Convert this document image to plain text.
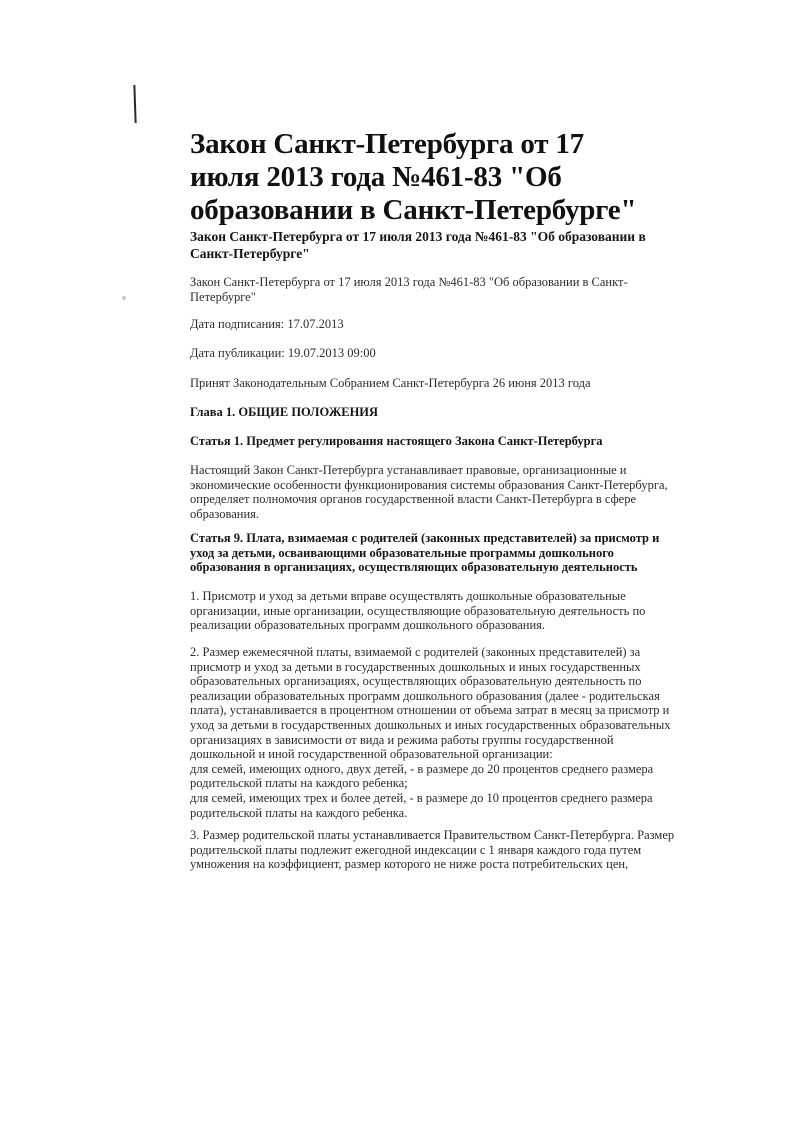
Закон Санкт-Петербурга от 17 июля 2013 года №461-83 "Об образовании в Санкт-Петербурге"
Закон Санкт-Петербурга от 17 июля 2013 года №461-83 "Об образовании в Санкт-Петербурге"
Закон Санкт-Петербурга от 17 июля 2013 года №461-83 "Об образовании в Санкт-
Петербурге"
Дата подписания: 17.07.2013
Дата публикации: 19.07.2013 09:00
Принят Законодательным Собранием Санкт-Петербурга 26 июня 2013 года
Глава 1. ОБЩИЕ ПОЛОЖЕНИЯ
Статья 1. Предмет регулирования настоящего Закона Санкт-Петербурга
Настоящий Закон Санкт-Петербурга устанавливает правовые, организационные и
экономические особенности функционирования системы образования Санкт-Петербурга,
определяет полномочия органов государственной власти Санкт-Петербурга в сфере
образования.
Статья 9. Плата, взимаемая с родителей (законных представителей) за присмотр и
уход за детьми, осваивающими образовательные программы дошкольного
образования в организациях, осуществляющих образовательную деятельность
1. Присмотр и уход за детьми вправе осуществлять дошкольные образовательные
организации, иные организации, осуществляющие образовательную деятельность по
реализации образовательных программ дошкольного образования.
2. Размер ежемесячной платы, взимаемой с родителей (законных представителей) за
присмотр и уход за детьми в государственных дошкольных и иных государственных
образовательных организациях, осуществляющих образовательную деятельность по
реализации образовательных программ дошкольного образования (далее - родительская
плата), устанавливается в процентном отношении от объема затрат в месяц за присмотр и
уход за детьми в государственных дошкольных и иных государственных образовательных
организациях в зависимости от вида и режима работы группы государственной
дошкольной и иной государственной образовательной организации:
для семей, имеющих одного, двух детей, - в размере до 20 процентов среднего размера
родительской платы на каждого ребенка;
для семей, имеющих трех и более детей, - в размере до 10 процентов среднего размера
родительской платы на каждого ребенка.
3. Размер родительской платы устанавливается Правительством Санкт-Петербурга. Размер
родительской платы подлежит ежегодной индексации с 1 января каждого года путем
умножения на коэффициент, размер которого не ниже роста потребительских цен,
